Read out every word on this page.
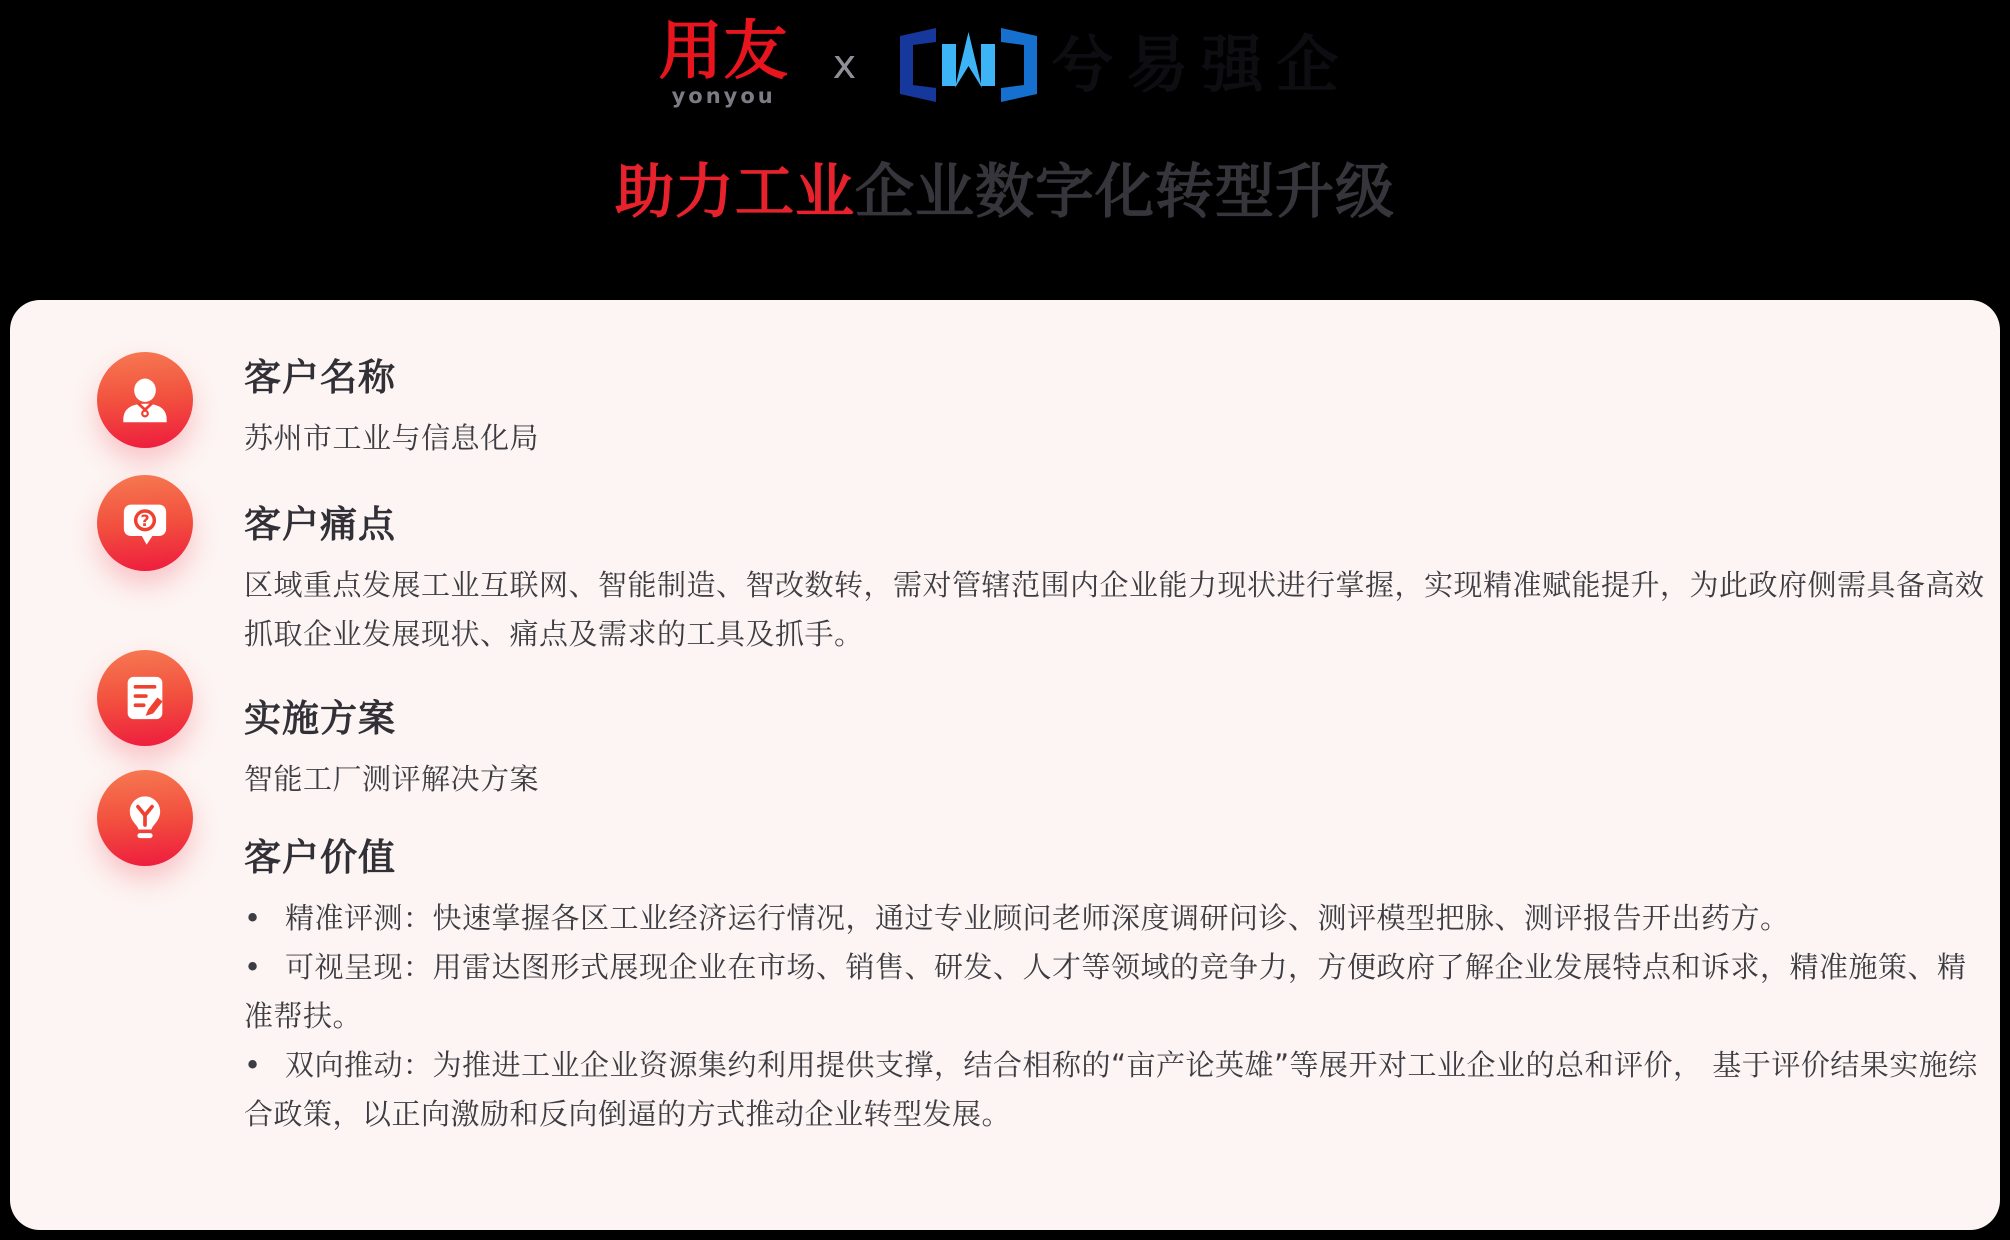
用友
yonyou
x	兮易强企
助力工业企业数字化转型升级
客户名称
苏州市工业与信息化局
?	客户痛点
区域重点发展工业互联网、智能制造、智改数转，需对管辖范围内企业能力现状进行掌握，实现精准赋能提升，为此政府侧需具备高效
抓取企业发展现状、痛点及需求的工具及抓手。
实施方案
智能工厂测评解决方案
客户价值
• 精准评测：快速掌握各区工业经济运行情况，通过专业顾问老师深度调研问诊、测评模型把脉、测评报告开出药方。
• 可视呈现：用雷达图形式展现企业在市场、销售、研发、人才等领域的竞争力，方便政府了解企业发展特点和诉求，精准施策、精
准帮扶。
• 双向推动：为推进工业企业资源集约利用提供支撑，结合相称的“亩产论英雄”等展开对工业企业的总和评价， 基于评价结果实施综
合政策，以正向激励和反向倒逼的方式推动企业转型发展。
